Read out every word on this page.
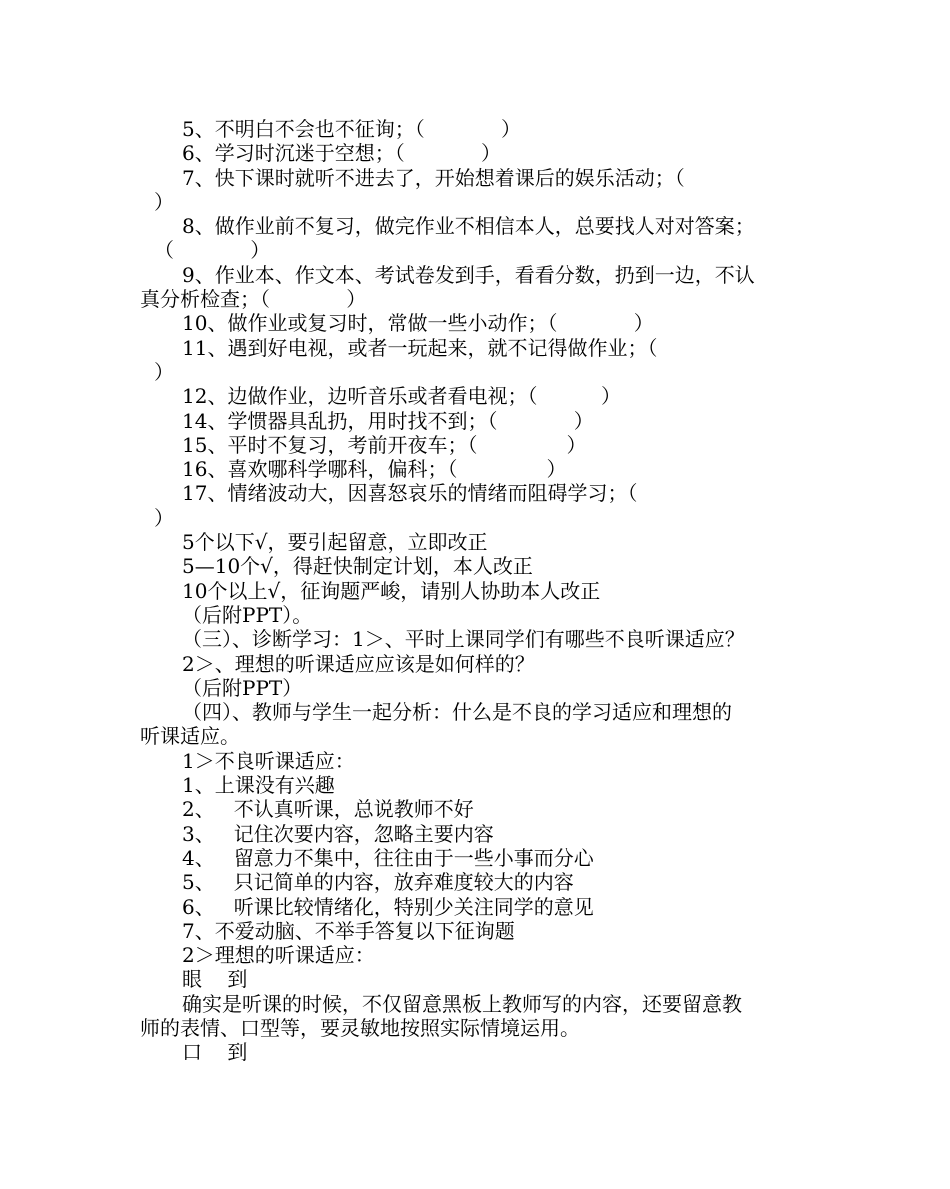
5、不明白不会也不征询；（            ）
6、学习时沉迷于空想；（            ）
7、快下课时就听不进去了，开始想着课后的娱乐活动；（
）
8、做作业前不复习，做完作业不相信本人，总要找人对对答案；
（            ）
9、作业本、作文本、考试卷发到手，看看分数，扔到一边，不认
真分析检查；（            ）
10、做作业或复习时，常做一些小动作；（            ）
11、遇到好电视，或者一玩起来，就不记得做作业；（
）
12、边做作业，边听音乐或者看电视；（          ）
14、学惯器具乱扔，用时找不到；（            ）
15、平时不复习，考前开夜车；（              ）
16、喜欢哪科学哪科，偏科；（              ）
17、情绪波动大，因喜怒哀乐的情绪而阻碍学习；（
）
5个以下√，要引起留意，立即改正
5—10个√，得赶快制定计划，本人改正
10个以上√，征询题严峻，请别人协助本人改正
（后附PPT）。
（三）、诊断学习：1＞、平时上课同学们有哪些不良听课适应？
2＞、理想的听课适应应该是如何样的？
（后附PPT）
（四）、教师与学生一起分析：什么是不良的学习适应和理想的
听课适应。
1＞不良听课适应：
1、上课没有兴趣
2、   不认真听课，总说教师不好
3、   记住次要内容，忽略主要内容
4、   留意力不集中，往往由于一些小事而分心
5、   只记简单的内容，放弃难度较大的内容
6、   听课比较情绪化，特别少关注同学的意见
7、不爱动脑、不举手答复以下征询题
2＞理想的听课适应：
眼    到
确实是听课的时候，不仅留意黑板上教师写的内容，还要留意教
师的表情、口型等，要灵敏地按照实际情境运用。
口    到
